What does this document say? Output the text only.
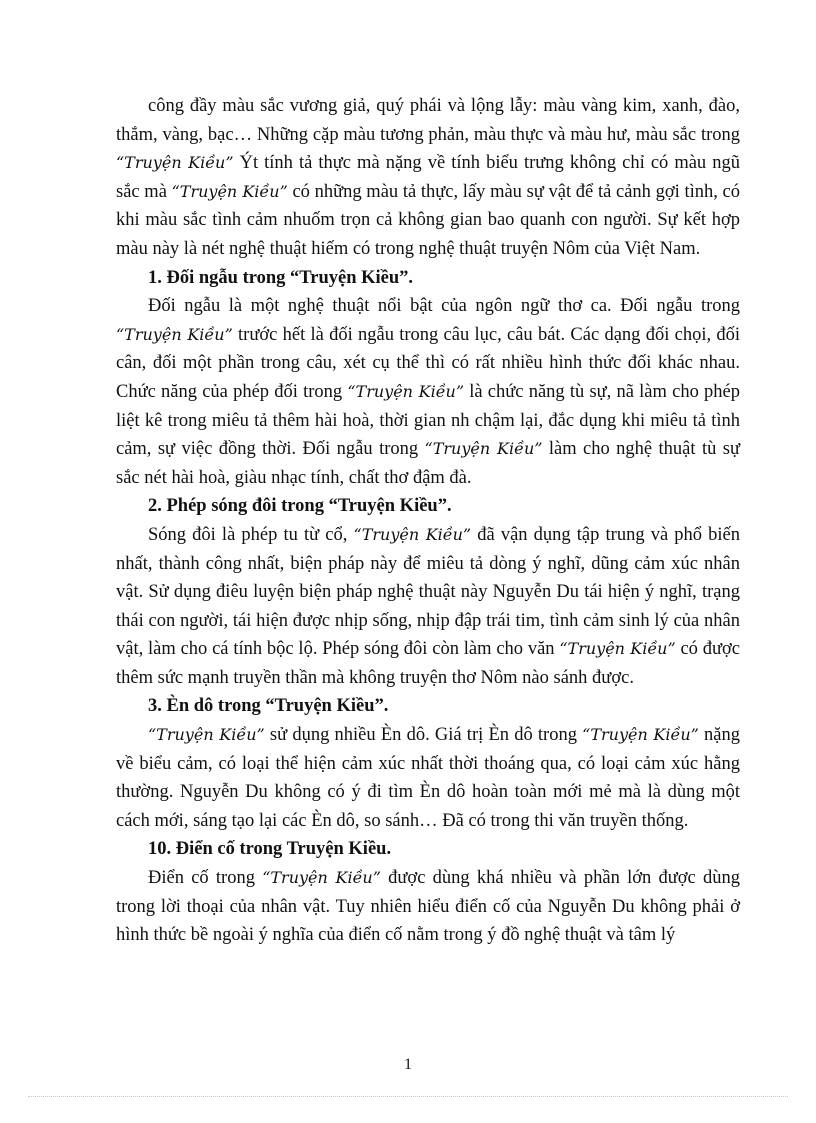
công đầy màu sắc vương giả, quý phái và lộng lẫy: màu vàng kim, xanh, đào, thắm, vàng, bạc… Những cặp màu tương phản, màu thực và màu hư, màu sắc trong “Truyện Kiều” Ýt tính tả thực mà nặng về tính biểu trưng không chỉ có màu ngũ sắc mà “Truyện Kiều” có những màu tả thực, lấy màu sự vật để tả cảnh gợi tình, có khi màu sắc tình cảm nhuốm trọn cả không gian bao quanh con người. Sự kết hợp màu này là nét nghệ thuật hiếm có trong nghệ thuật truyện Nôm của Việt Nam.

1. Đối ngẫu trong “Truyện Kiều”.

Đối ngẫu là một nghệ thuật nổi bật của ngôn ngữ thơ ca. Đối ngẫu trong “Truyện Kiều” trước hết là đối ngẫu trong câu lục, câu bát. Các dạng đối chọi, đối cân, đối một phần trong câu, xét cụ thể thì có rất nhiều hình thức đối khác nhau. Chức năng của phép đối trong “Truyện Kiều” là chức năng tù sự, nã làm cho phép liệt kê trong miêu tả thêm hài hoà, thời gian nh chậm lại, đắc dụng khi miêu tả tình cảm, sự việc đồng thời. Đối ngẫu trong “Truyện Kiều” làm cho nghệ thuật tù sự sắc nét hài hoà, giàu nhạc tính, chất thơ đậm đà.

2. Phép sóng đôi trong “Truyện Kiều”.

Sóng đôi là phép tu từ cổ, “Truyện Kiều” đã vận dụng tập trung và phổ biến nhất, thành công nhất, biện pháp này để miêu tả dòng ý nghĩ, dũng cảm xúc nhân vật. Sử dụng điêu luyện biện pháp nghệ thuật này Nguyễn Du tái hiện ý nghĩ, trạng thái con người, tái hiện được nhịp sống, nhịp đập trái tim, tình cảm sinh lý của nhân vật, làm cho cá tính bộc lộ. Phép sóng đôi còn làm cho văn “Truyện Kiều” có được thêm sức mạnh truyền thần mà không truyện thơ Nôm nào sánh được.

3. Èn dô trong “Truyện Kiều”.

“Truyện Kiều” sử dụng nhiều Èn dô. Giá trị Èn dô trong “Truyện Kiều” nặng về biểu cảm, có loại thể hiện cảm xúc nhất thời thoáng qua, có loại cảm xúc hằng thường. Nguyễn Du không có ý đi tìm Èn dô hoàn toàn mới mẻ mà là dùng một cách mới, sáng tạo lại các Èn dô, so sánh… Đã có trong thi văn truyền thống.

10. Điển cố trong Truyện Kiều.

Điển cố trong “Truyện Kiều” được dùng khá nhiều và phần lớn được dùng trong lời thoại của nhân vật. Tuy nhiên hiểu điển cố của Nguyễn Du không phải ở hình thức bề ngoài ý nghĩa của điển cố nằm trong ý đồ nghệ thuật và tâm lý

1
